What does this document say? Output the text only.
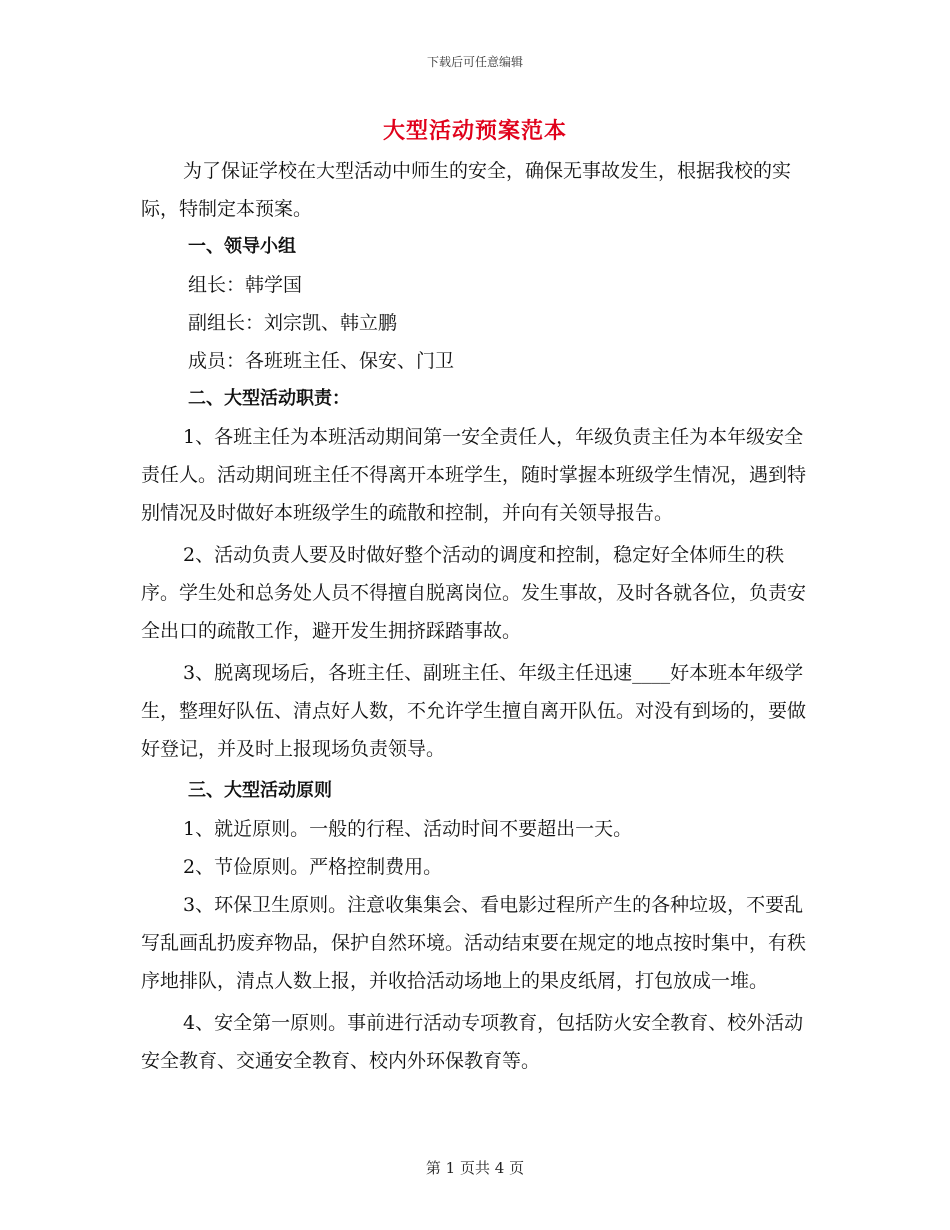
下载后可任意编辑
大型活动预案范本

为了保证学校在大型活动中师生的安全，确保无事故发生，根据我校的实际，特制定本预案。

一、领导小组

组长：韩学国

副组长：刘宗凯、韩立鹏

成员：各班班主任、保安、门卫

二、大型活动职责：

1、各班主任为本班活动期间第一安全责任人，年级负责主任为本年级安全责任人。活动期间班主任不得离开本班学生，随时掌握本班级学生情况，遇到特别情况及时做好本班级学生的疏散和控制，并向有关领导报告。

2、活动负责人要及时做好整个活动的调度和控制，稳定好全体师生的秩序。学生处和总务处人员不得擅自脱离岗位。发生事故，及时各就各位，负责安全出口的疏散工作，避开发生拥挤踩踏事故。

3、脱离现场后，各班主任、副班主任、年级主任迅速____好本班本年级学生，整理好队伍、清点好人数，不允许学生擅自离开队伍。对没有到场的，要做好登记，并及时上报现场负责领导。

三、大型活动原则

1、就近原则。一般的行程、活动时间不要超出一天。

2、节俭原则。严格控制费用。

3、环保卫生原则。注意收集集会、看电影过程所产生的各种垃圾，不要乱写乱画乱扔废弃物品，保护自然环境。活动结束要在规定的地点按时集中，有秩序地排队，清点人数上报，并收拾活动场地上的果皮纸屑，打包放成一堆。

4、安全第一原则。事前进行活动专项教育，包括防火安全教育、校外活动安全教育、交通安全教育、校内外环保教育等。

第 1 页共 4 页
